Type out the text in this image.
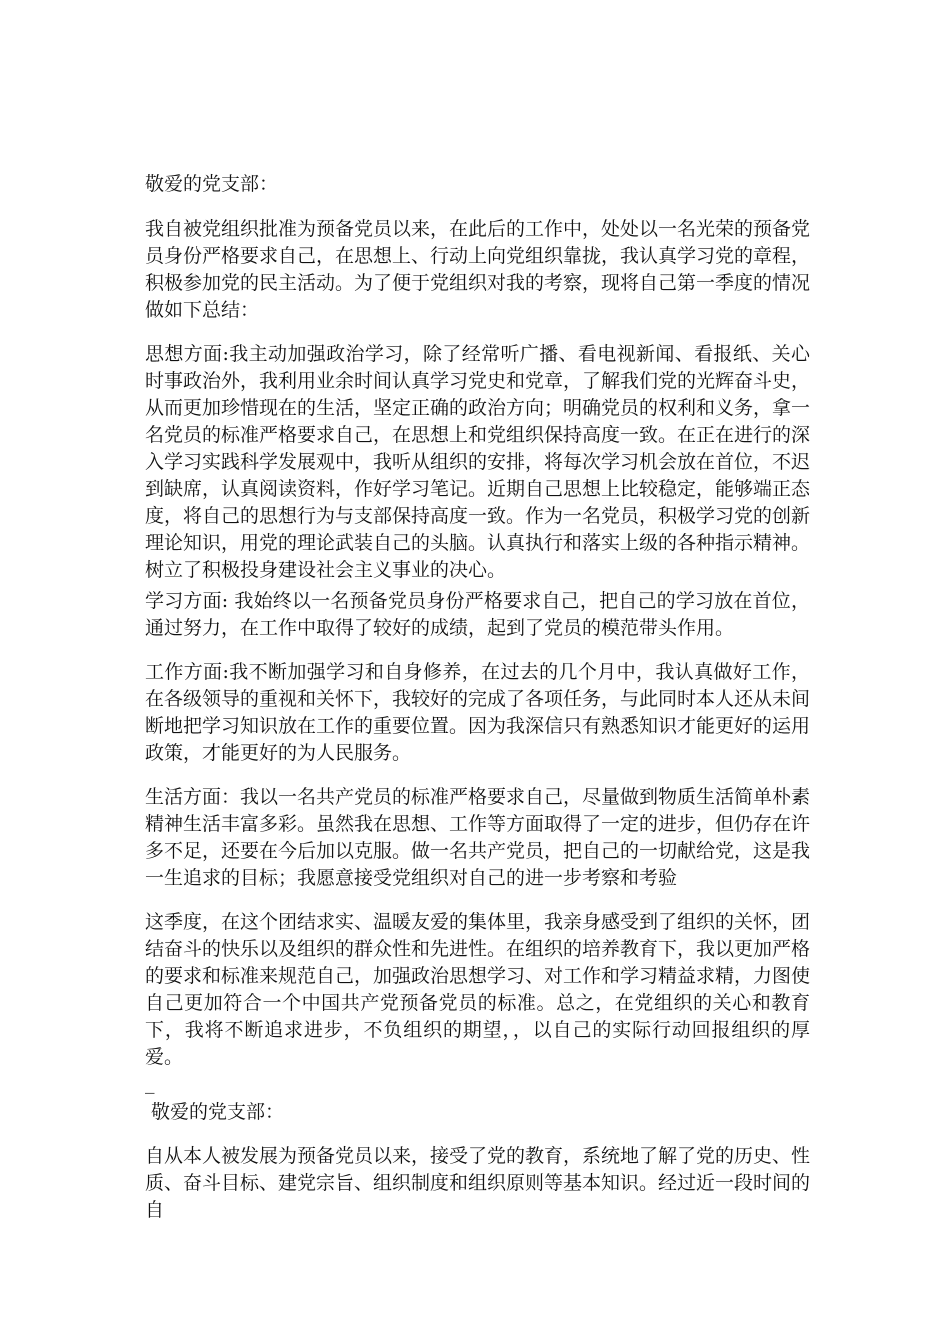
敬爱的党支部：

我自被党组织批准为预备党员以来，在此后的工作中，处处以一名光荣的预备党员身份严格要求自己，在思想上、行动上向党组织靠拢，我认真学习党的章程，积极参加党的民主活动。为了便于党组织对我的考察，现将自己第一季度的情况做如下总结：

思想方面:我主动加强政治学习，除了经常听广播、看电视新闻、看报纸、关心时事政治外，我利用业余时间认真学习党史和党章，了解我们党的光辉奋斗史，从而更加珍惜现在的生活，坚定正确的政治方向；明确党员的权利和义务，拿一名党员的标准严格要求自己，在思想上和党组织保持高度一致。在正在进行的深入学习实践科学发展观中，我听从组织的安排，将每次学习机会放在首位，不迟到缺席，认真阅读资料，作好学习笔记。近期自己思想上比较稳定，能够端正态度，将自己的思想行为与支部保持高度一致。作为一名党员，积极学习党的创新理论知识，用党的理论武装自己的头脑。认真执行和落实上级的各种指示精神。树立了积极投身建设社会主义事业的决心。

学习方面: 我始终以一名预备党员身份严格要求自己，把自己的学习放在首位，通过努力，在工作中取得了较好的成绩，起到了党员的模范带头作用。

工作方面:我不断加强学习和自身修养，在过去的几个月中，我认真做好工作，在各级领导的重视和关怀下，我较好的完成了各项任务，与此同时本人还从未间断地把学习知识放在工作的重要位置。因为我深信只有熟悉知识才能更好的运用政策，才能更好的为人民服务。

生活方面：我以一名共产党员的标准严格要求自己，尽量做到物质生活简单朴素精神生活丰富多彩。虽然我在思想、工作等方面取得了一定的进步，但仍存在许多不足，还要在今后加以克服。做一名共产党员，把自己的一切献给党，这是我一生追求的目标；我愿意接受党组织对自己的进一步考察和考验

这季度，在这个团结求实、温暖友爱的集体里，我亲身感受到了组织的关怀，团结奋斗的快乐以及组织的群众性和先进性。在组织的培养教育下，我以更加严格的要求和标准来规范自己，加强政治思想学习、对工作和学习精益求精，力图使自己更加符合一个中国共产党预备党员的标准。总之，在党组织的关心和教育下，我将不断追求进步，不负组织的期望，，以自己的实际行动回报组织的厚爱。

_

敬爱的党支部：

自从本人被发展为预备党员以来，接受了党的教育，系统地了解了党的历史、性质、奋斗目标、建党宗旨、组织制度和组织原则等基本知识。经过近一段时间的自
